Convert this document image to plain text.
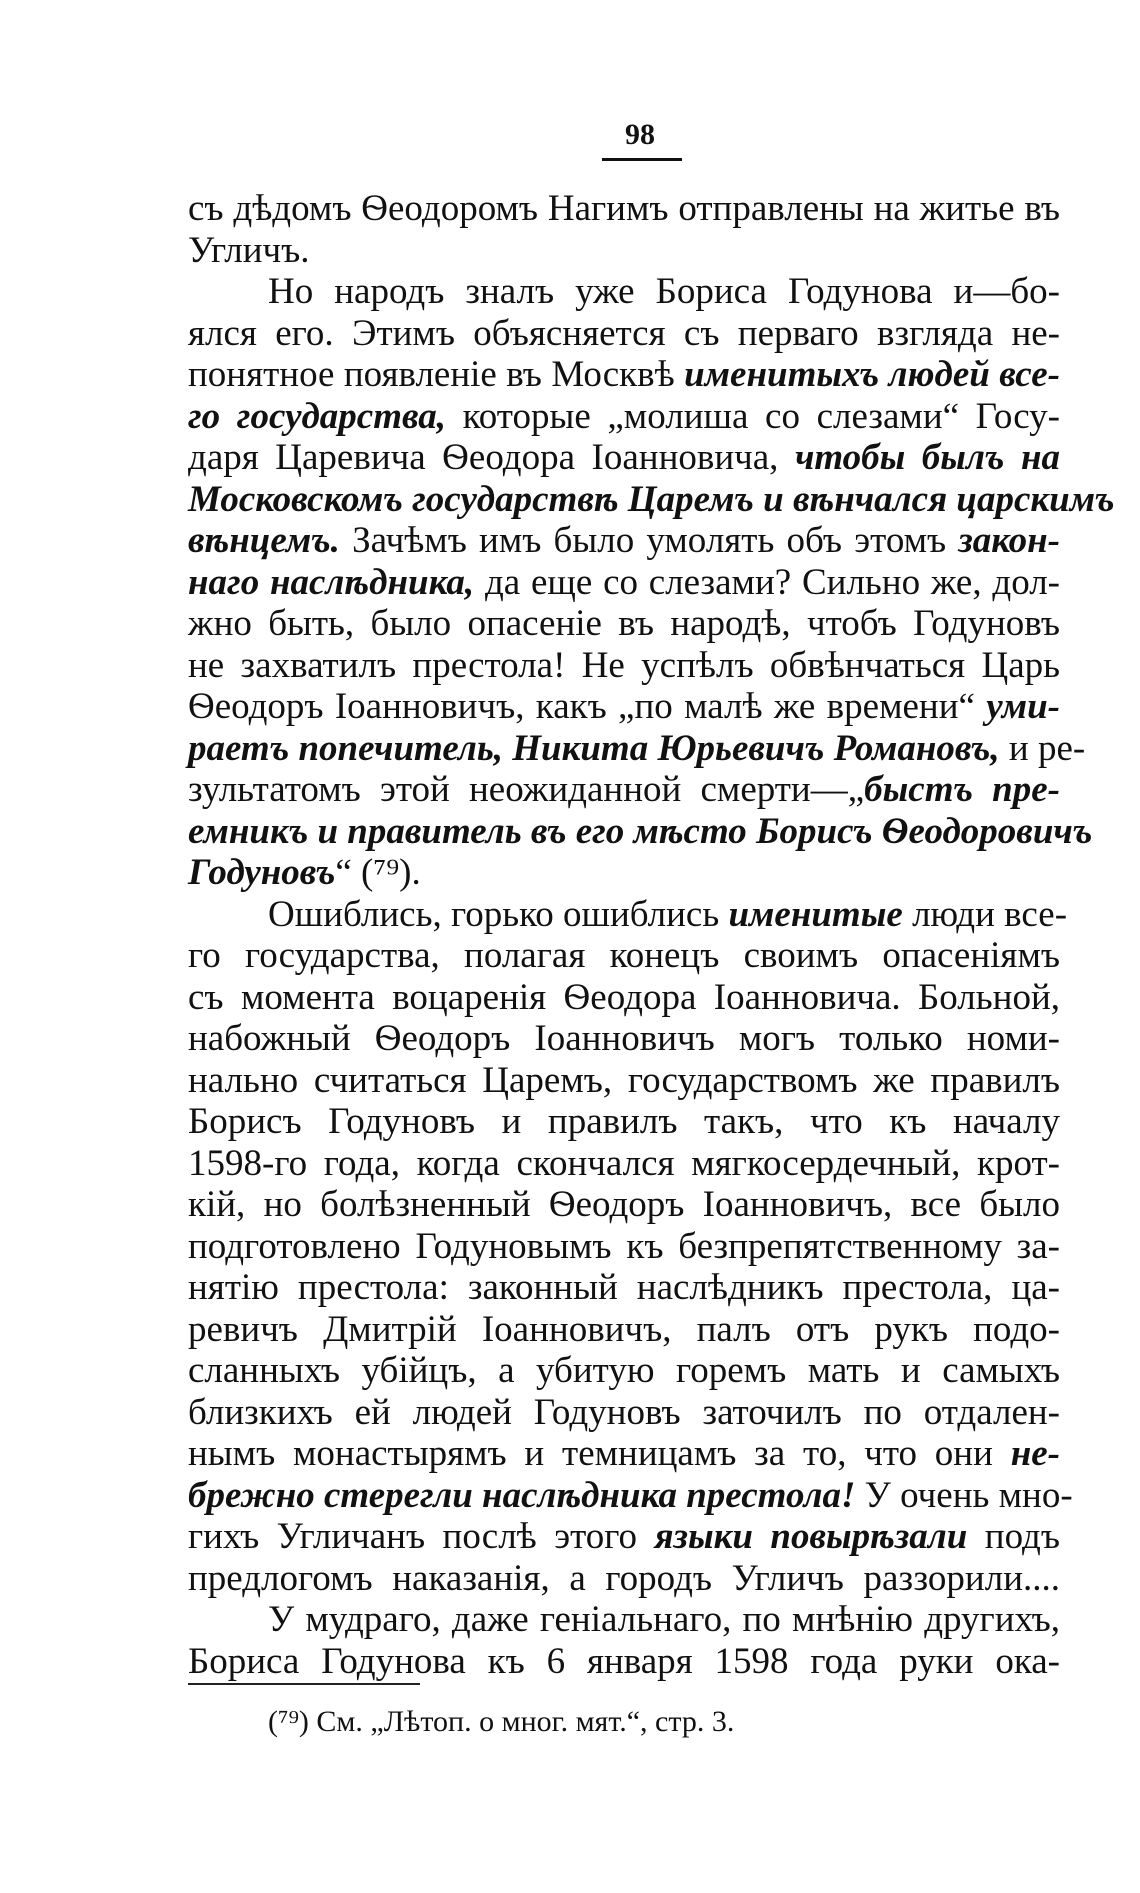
98
съ дѣдомъ Ѳеодоромъ Нагимъ отправлены на житье въ
Угличъ.
Но народъ зналъ уже Бориса Годунова и—бо-
ялся его. Этимъ объясняется съ перваго взгляда не-
понятное появленіе въ Москвѣ именитыхъ людей все-
го государства, которые „молиша со слезами“ Госу-
даря Царевича Ѳеодора Іоанновича, чтобы былъ на
Московскомъ государствѣ Царемъ и вѣнчался царскимъ
вѣнцемъ. Зачѣмъ имъ было умолять объ этомъ закон-
наго наслѣдника, да еще со слезами? Сильно же, дол-
жно быть, было опасеніе въ народѣ, чтобъ Годуновъ
не захватилъ престола! Не успѣлъ обвѣнчаться Царь
Ѳеодоръ Іоанновичъ, какъ „по малѣ же времени“ уми-
раетъ попечитель, Никита Юрьевичъ Романовъ, и ре-
зультатомъ этой неожиданной смерти—„быстъ пре-
емникъ и правитель въ его мѣсто Борисъ Ѳеодоровичъ
Годуновъ“ (⁷⁹).
Ошиблись, горько ошиблись именитые люди все-
го государства, полагая конецъ своимъ опасеніямъ
съ момента воцаренія Ѳеодора Іоанновича. Больной,
набожный Ѳеодоръ Іоанновичъ могъ только номи-
нально считаться Царемъ, государствомъ же правилъ
Борисъ Годуновъ и правилъ такъ, что къ началу
1598-го года, когда скончался мягкосердечный, крот-
кій, но болѣзненный Ѳеодоръ Іоанновичъ, все было
подготовлено Годуновымъ къ безпрепятственному за-
нятію престола: законный наслѣдникъ престола, ца-
ревичъ Дмитрій Іоанновичъ, палъ отъ рукъ подо-
сланныхъ убійцъ, а убитую горемъ мать и самыхъ
близкихъ ей людей Годуновъ заточилъ по отдален-
нымъ монастырямъ и темницамъ за то, что они не-
брежно стерегли наслѣдника престола! У очень мно-
гихъ Угличанъ послѣ этого языки повырѣзали подъ
предлогомъ наказанія, а городъ Угличъ раззорили....
У мудраго, даже геніальнаго, по мнѣнію другихъ,
Бориса Годунова къ 6 января 1598 года руки ока-
(⁷⁹) См. „Лѣтоп. о мног. мят.“, стр. 3.
